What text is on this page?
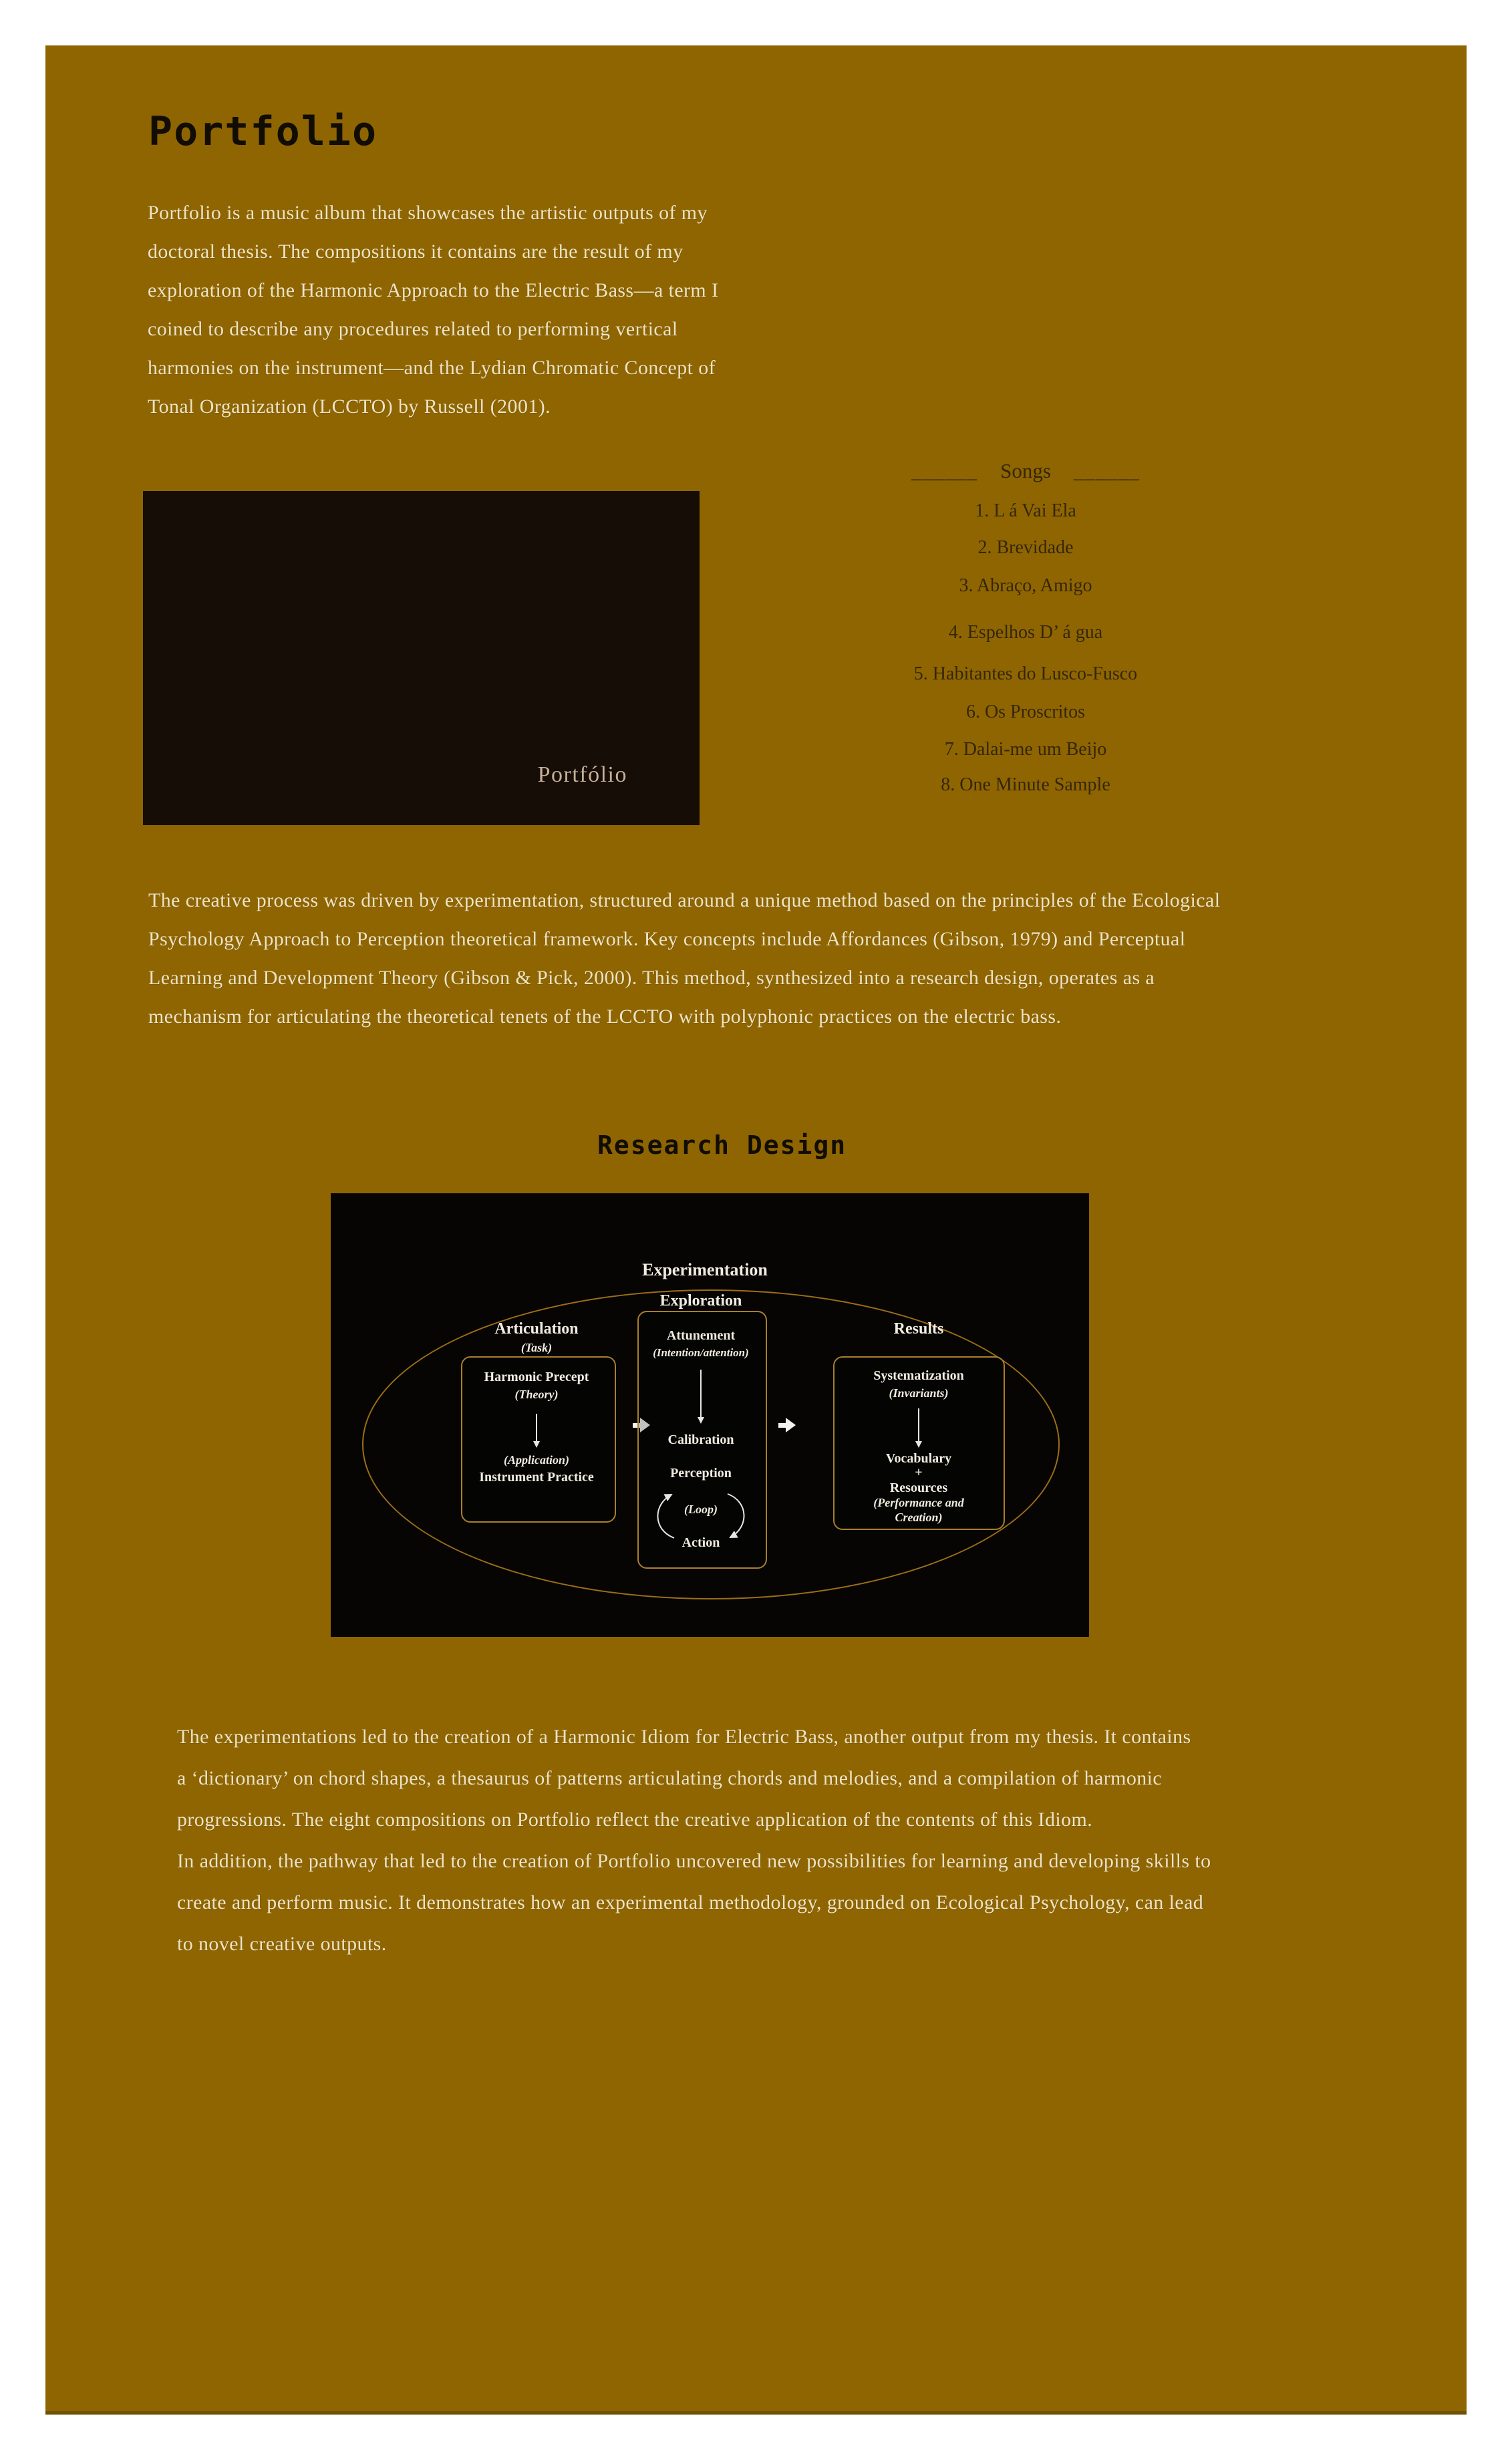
Portfolio
Portfolio is a music album that showcases the artistic outputs of my
doctoral thesis. The compositions it contains are the result of my
exploration of the Harmonic Approach to the Electric Bass—a term I
coined to describe any procedures related to performing vertical
harmonies on the instrument—and the Lydian Chromatic Concept of
Tonal Organization (LCCTO) by Russell (2001).
Portfólio
______ Songs ______
1. L á Vai Ela
2. Brevidade
3. Abraço, Amigo
4. Espelhos D’ á gua
5. Habitantes do Lusco-Fusco
6. Os Proscritos
7. Dalai-me um Beijo
8. One Minute Sample
The creative process was driven by experimentation, structured around a unique method based on the principles of the Ecological
Psychology Approach to Perception theoretical framework. Key concepts include Affordances (Gibson, 1979) and Perceptual
Learning and Development Theory (Gibson & Pick, 2000). This method, synthesized into a research design, operates as a
mechanism for articulating the theoretical tenets of the LCCTO with polyphonic practices on the electric bass.
Research Design
Experimentation
Articulation
(Task)
Harmonic Precept
(Theory)
(Application)
Instrument Practice
Exploration
Attunement
(Intention/attention)
Calibration
Perception
(Loop)
Action
Results
Systematization
(Invariants)
Vocabulary
+
Resources
(Performance and
Creation)
The experimentations led to the creation of a Harmonic Idiom for Electric Bass, another output from my thesis. It contains
a ‘dictionary’ on chord shapes, a thesaurus of patterns articulating chords and melodies, and a compilation of harmonic
progressions. The eight compositions on Portfolio reflect the creative application of the contents of this Idiom.
In addition, the pathway that led to the creation of Portfolio uncovered new possibilities for learning and developing skills to
create and perform music. It demonstrates how an experimental methodology, grounded on Ecological Psychology, can lead
to novel creative outputs.
